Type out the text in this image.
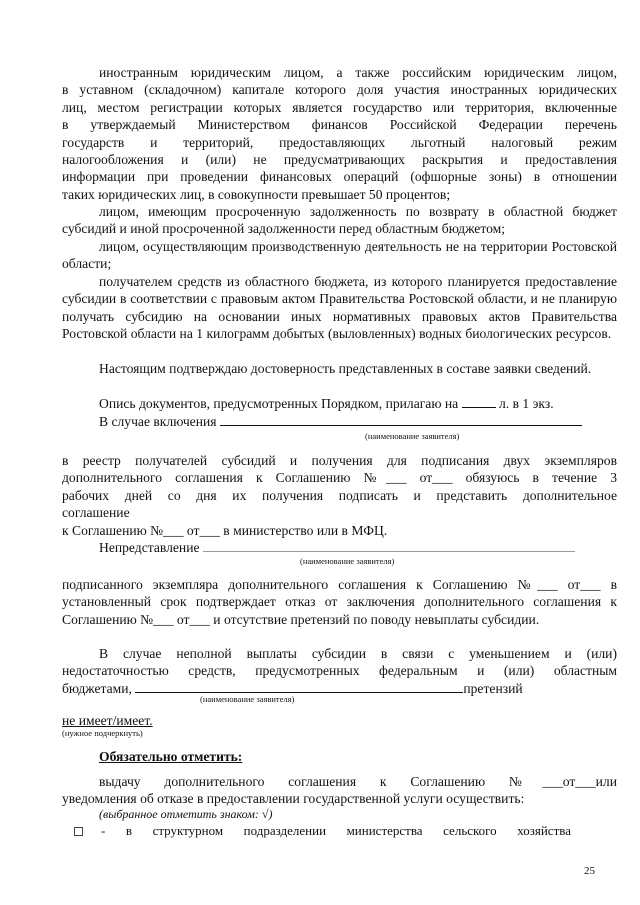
иностранным юридическим лицом, а также российским юридическим лицом,
в уставном (складочном) капитале которого доля участия иностранных юридических
лиц, местом регистрации которых является государство или территория, включенные
в утверждаемый Министерством финансов Российской Федерации перечень
государств и территорий, предоставляющих льготный налоговый режим
налогообложения и (или) не предусматривающих раскрытия и предоставления
информации при проведении финансовых операций (офшорные зоны) в отношении
таких юридических лиц, в совокупности превышает 50 процентов;

лицом, имеющим просроченную задолженность по возврату в областной бюджет субсидий и иной просроченной задолженности перед областным бюджетом;

лицом, осуществляющим производственную деятельность не на территории Ростовской области;

получателем средств из областного бюджета, из которого планируется предоставление субсидии в соответствии с правовым актом Правительства Ростовской области, и не планирую получать субсидию на основании иных нормативных правовых актов Правительства Ростовской области на 1 килограмм добытых (выловленных) водных биологических ресурсов.

Настоящим подтверждаю достоверность представленных в составе заявки сведений.

Опись документов, предусмотренных Порядком, прилагаю на	л. в 1 экз.
В случае включения
(наименование заявителя)
в реестр получателей субсидий и получения для подписания двух экземпляров
дополнительного соглашения к Соглашению №___ от___ обязуюсь в течение 3
рабочих дней со дня их получения подписать и представить дополнительное
соглашение
к Соглашению №___ от___ в министерство или в МФЦ.
Непредставление
(наименование заявителя)

подписанного экземпляра дополнительного соглашения к Соглашению №___ от___ в установленный срок подтверждает отказ от заключения дополнительного соглашения к Соглашению №___ от___ и отсутствие претензий по поводу невыплаты субсидии.

В случае неполной выплаты субсидии в связи с уменьшением и (или)
недостаточностью средств, предусмотренных федеральным и (или) областным
бюджетами,	претензий
(наименование заявителя)
не имеет/имеет.
(нужное подчеркнуть)
Обязательно отметить:
выдачу дополнительного соглашения к Соглашению №___от___или
уведомления об отказе в предоставлении государственной услуги осуществить:
(выбранное отметить знаком: √)
- в структурном подразделении министерства сельского хозяйства
25
